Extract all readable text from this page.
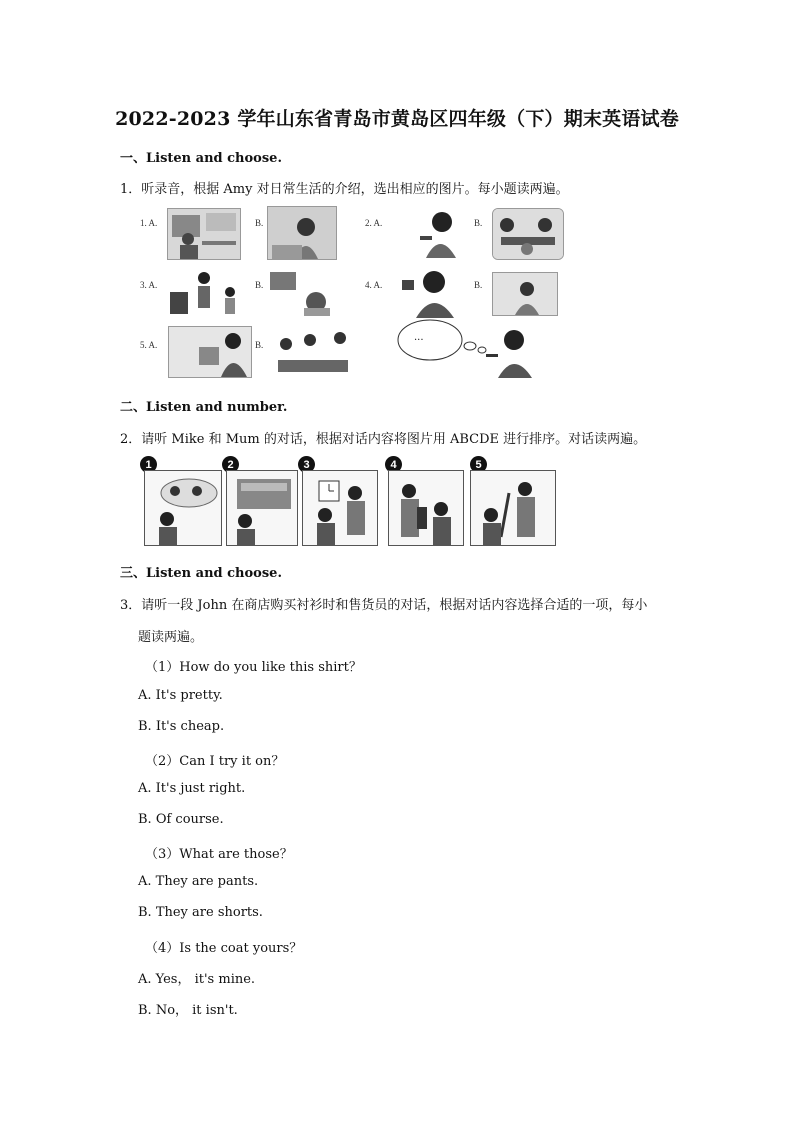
2022-2023 学年山东省青岛市黄岛区四年级（下）期末英语试卷
一、Listen and choose.
1．听录音，根据 Amy 对日常生活的介绍，选出相应的图片。每小题读两遍。
1. A.	B.	2. A.	B.
3. A.	B.	4. A.	B.
5. A.	B.
...
二、Listen and number.
2．请听 Mike 和 Mum 的对话，根据对话内容将图片用 ABCDE 进行排序。对话读两遍。
1	2	3	4	5
三、Listen and choose.
3．请听一段 John 在商店购买衬衫时和售货员的对话，根据对话内容选择合适的一项，每小
题读两遍。
（1）How do you like this shirt？
A. It's pretty.
B. It's cheap.
（2）Can I try it on？
A. It's just right.
B. Of course.
（3）What are those？
A. They are pants.
B. They are shorts.
（4）Is the coat yours？
A. Yes， it's mine.
B. No， it isn't.
